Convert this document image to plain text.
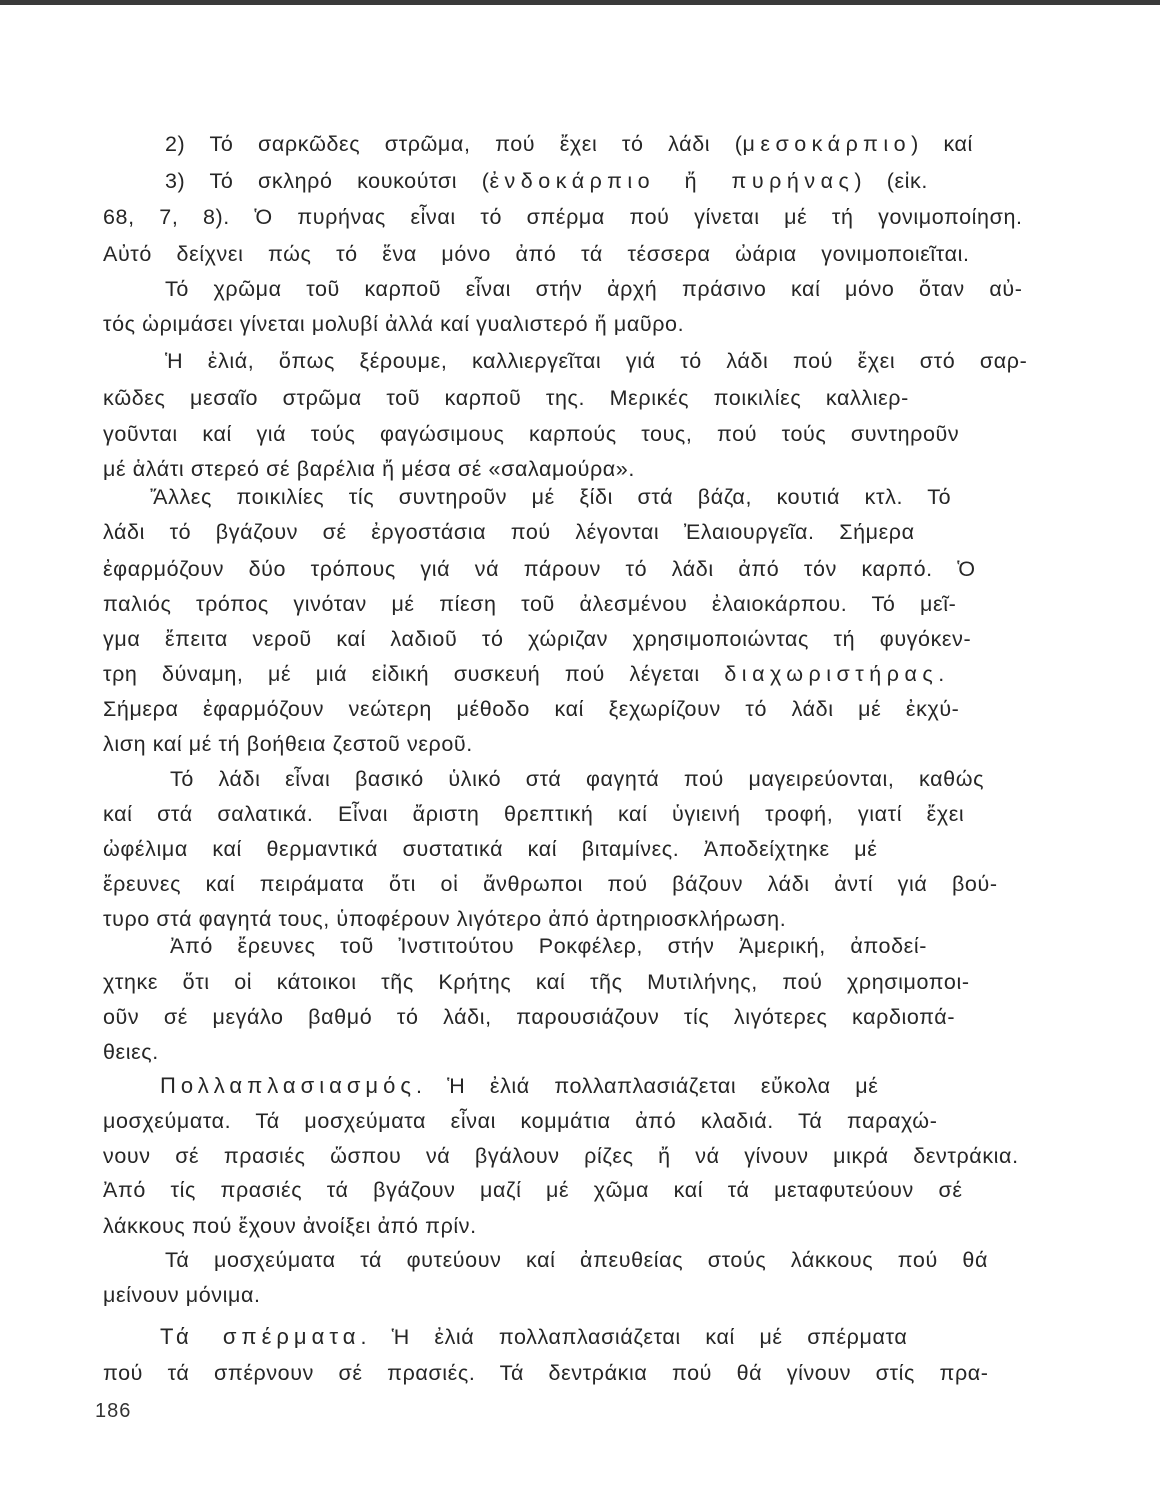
2) Τό σαρκῶδες στρῶμα, πού ἔχει τό λάδι (μεσοκάρπιο) καί
3) Τό σκληρό κουκούτσι (ἐνδοκάρπιο ἤ πυρήνας) (εἰκ.
68, 7, 8). Ὁ πυρήνας εἶναι τό σπέρμα πού γίνεται μέ τή γονιμοποίηση.
Αὐτό δείχνει πώς τό ἕνα μόνο ἀπό τά τέσσερα ὠάρια γονιμοποιεῖται.
Τό χρῶμα τοῦ καρποῦ εἶναι στήν ἀρχή πράσινο καί μόνο ὅταν αὐ-
τός ὡριμάσει γίνεται μολυβί ἀλλά καί γυαλιστερό ἤ μαῦρο.
Ἡ ἐλιά, ὅπως ξέρουμε, καλλιεργεῖται γιά τό λάδι πού ἔχει στό σαρ-
κῶδες μεσαῖο στρῶμα τοῦ καρποῦ της. Μερικές ποικιλίες καλλιερ-
γοῦνται καί γιά τούς φαγώσιμους καρπούς τους, πού τούς συντηροῦν
μέ ἁλάτι στερεό σέ βαρέλια ἤ μέσα σέ «σαλαμούρα».
Ἄλλες ποικιλίες τίς συντηροῦν μέ ξίδι στά βάζα, κουτιά κτλ. Τό
λάδι τό βγάζουν σέ ἐργοστάσια πού λέγονται Ἐλαιουργεῖα. Σήμερα
ἐφαρμόζουν δύο τρόπους γιά νά πάρουν τό λάδι ἀπό τόν καρπό. Ὁ
παλιός τρόπος γινόταν μέ πίεση τοῦ ἀλεσμένου ἐλαιοκάρπου. Τό μεῖ-
γμα ἔπειτα νεροῦ καί λαδιοῦ τό χώριζαν χρησιμοποιώντας τή φυγόκεν-
τρη δύναμη, μέ μιά εἰδική συσκευή πού λέγεται διαχωριστήρας.
Σήμερα ἐφαρμόζουν νεώτερη μέθοδο καί ξεχωρίζουν τό λάδι μέ ἐκχύ-
λιση καί μέ τή βοήθεια ζεστοῦ νεροῦ.
Τό λάδι εἶναι βασικό ὑλικό στά φαγητά πού μαγειρεύονται, καθώς
καί στά σαλατικά. Εἶναι ἄριστη θρεπτική καί ὑγιεινή τροφή, γιατί ἔχει
ὠφέλιμα καί θερμαντικά συστατικά καί βιταμίνες. Ἀποδείχτηκε μέ
ἔρευνες καί πειράματα ὅτι οἱ ἄνθρωποι πού βάζουν λάδι ἀντί γιά βού-
τυρο στά φαγητά τους, ὑποφέρουν λιγότερο ἀπό ἀρτηριοσκλήρωση.
Ἀπό ἔρευνες τοῦ Ἰνστιτούτου Ροκφέλερ, στήν Ἀμερική, ἀποδεί-
χτηκε ὅτι οἱ κάτοικοι τῆς Κρήτης καί τῆς Μυτιλήνης, πού χρησιμοποι-
οῦν σέ μεγάλο βαθμό τό λάδι, παρουσιάζουν τίς λιγότερες καρδιοπά-
θειες.
Πολλαπλασιασμός. Ἡ ἐλιά πολλαπλασιάζεται εὔκολα μέ
μοσχεύματα. Τά μοσχεύματα εἶναι κομμάτια ἀπό κλαδιά. Τά παραχώ-
νουν σέ πρασιές ὥσπου νά βγάλουν ρίζες ἤ νά γίνουν μικρά δεντράκια.
Ἀπό τίς πρασιές τά βγάζουν μαζί μέ χῶμα καί τά μεταφυτεύουν σέ
λάκκους πού ἔχουν ἀνοίξει ἀπό πρίν.
Τά μοσχεύματα τά φυτεύουν καί ἀπευθείας στούς λάκκους πού θά
μείνουν μόνιμα.
Τά σπέρματα. Ἡ ἐλιά πολλαπλασιάζεται καί μέ σπέρματα
πού τά σπέρνουν σέ πρασιές. Τά δεντράκια πού θά γίνουν στίς πρα-
186
